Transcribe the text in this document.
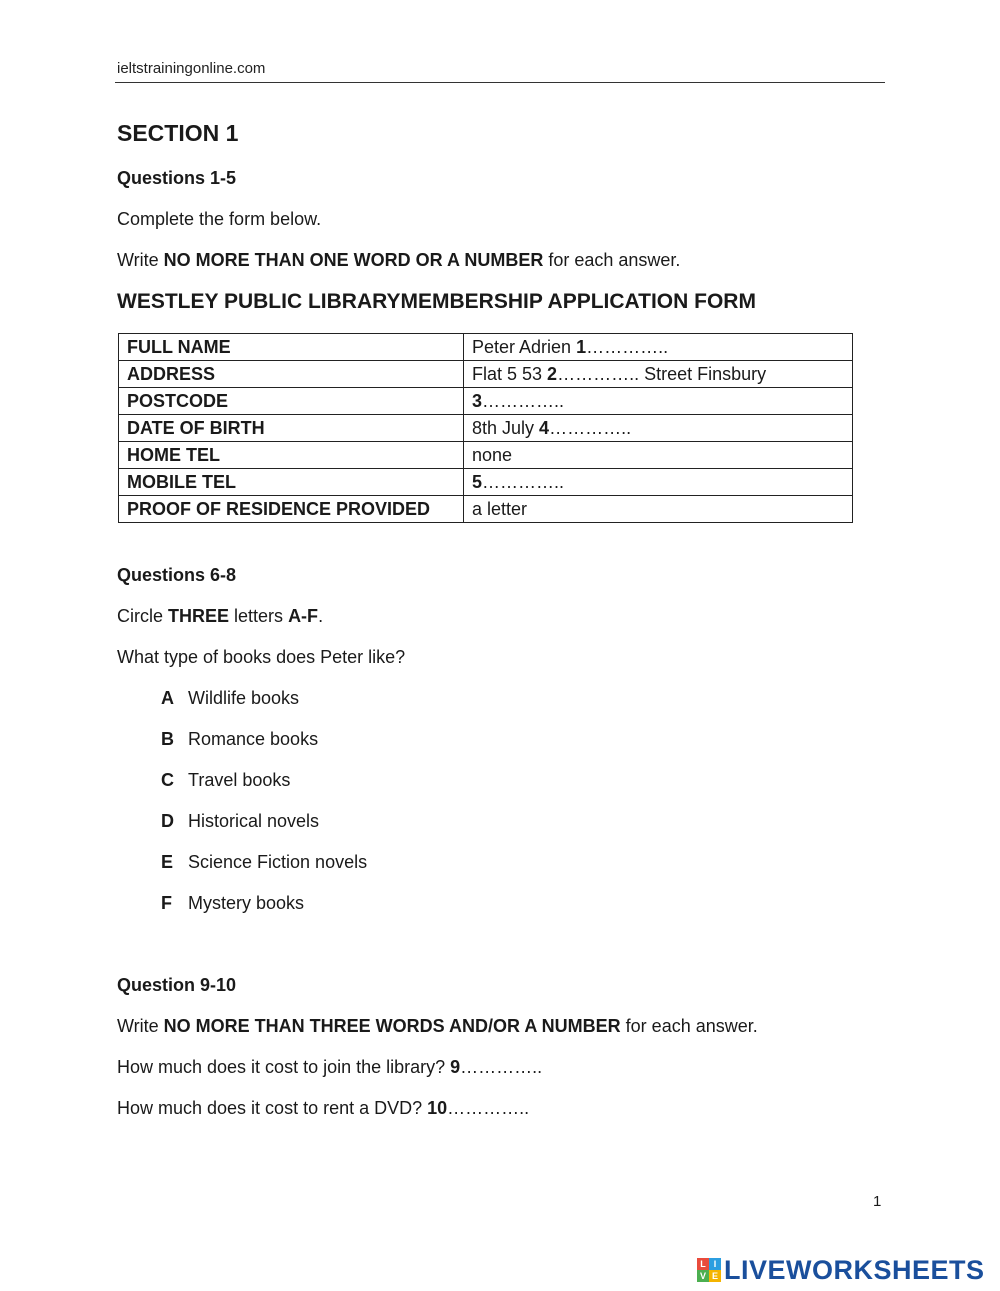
ieltstrainingonline.com
SECTION 1
Questions 1-5
Complete the form below.
Write NO MORE THAN ONE WORD OR A NUMBER for each answer.
WESTLEY PUBLIC LIBRARYMEMBERSHIP APPLICATION FORM
FULL NAME	Peter Adrien 1…………..
ADDRESS	Flat 5 53 2………….. Street Finsbury
POSTCODE	3…………..
DATE OF BIRTH	8th July 4…………..
HOME TEL	none
MOBILE TEL	5…………..
PROOF OF RESIDENCE PROVIDED	a letter
Questions 6-8
Circle THREE letters A-F.
What type of books does Peter like?
A Wildlife books
B Romance books
C Travel books
D Historical novels
E Science Fiction novels
F Mystery books
Question 9-10
Write NO MORE THAN THREE WORDS AND/OR A NUMBER for each answer.
How much does it cost to join the library? 9…………..
How much does it cost to rent a DVD? 10…………..
1
L I
V E LIVEWORKSHEETS
